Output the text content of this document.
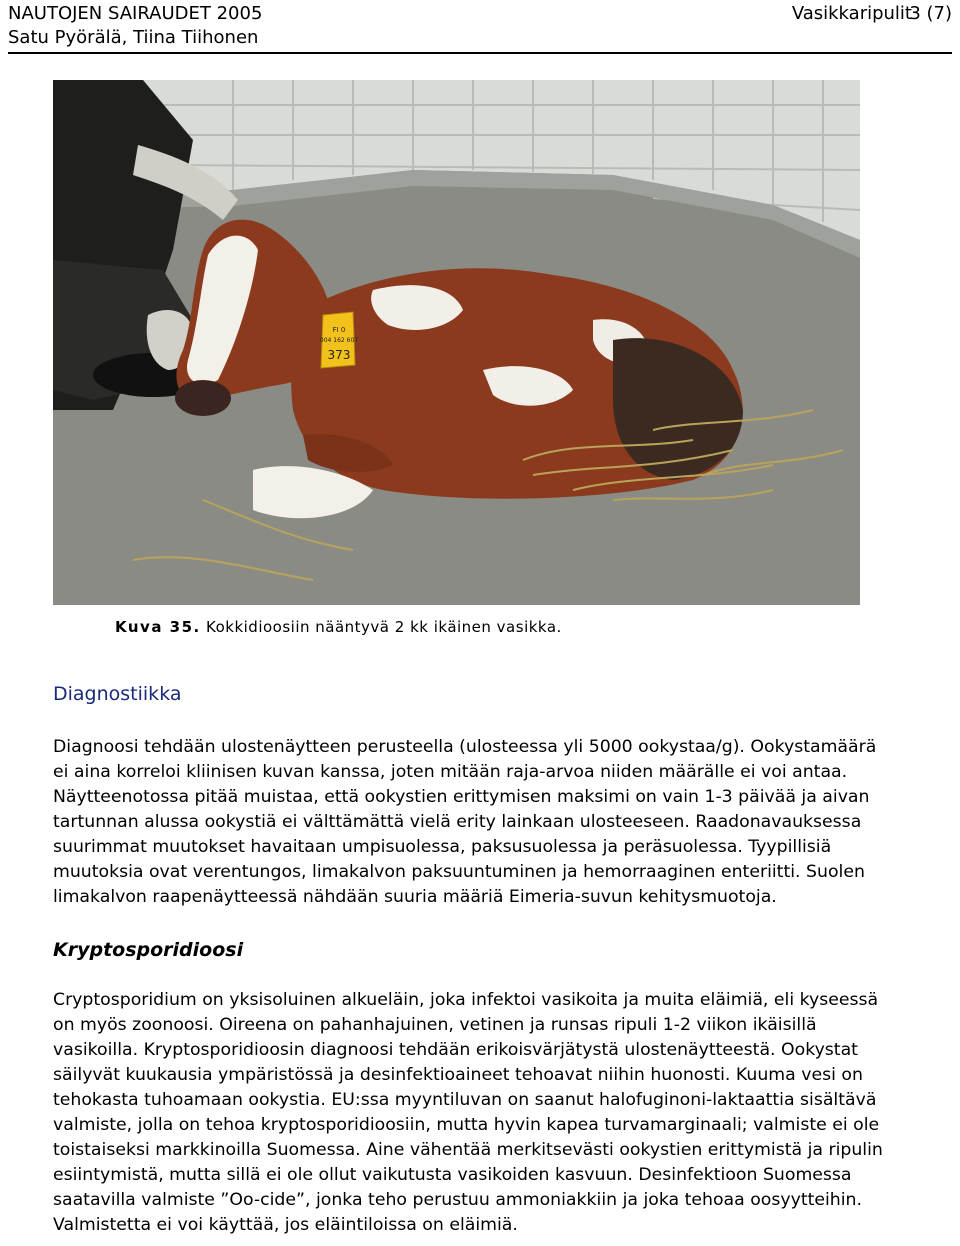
NAUTOJEN SAIRAUDET 2005
Satu Pyörälä, Tiina Tiihonen
Vasikkaripulit
3 (7)
FI 0
004 162 607
373
Kuva 35. Kokkidioosiin nääntyvä 2 kk ikäinen vasikka.
Diagnostiikka
Diagnoosi tehdään ulostenäytteen perusteella (ulosteessa yli 5000 ookystaa/g). Ookystamäärä
ei aina korreloi kliinisen kuvan kanssa, joten mitään raja-arvoa niiden määrälle ei voi antaa.
Näytteenotossa pitää muistaa, että ookystien erittymisen maksimi on vain 1-3 päivää ja aivan
tartunnan alussa ookystiä ei välttämättä vielä erity lainkaan ulosteeseen. Raadonavauksessa
suurimmat muutokset havaitaan umpisuolessa, paksusuolessa ja peräsuolessa. Tyypillisiä
muutoksia ovat verentungos, limakalvon paksuuntuminen ja hemorraaginen enteriitti. Suolen
limakalvon raapenäytteessä nähdään suuria määriä Eimeria-suvun kehitysmuotoja.
Kryptosporidioosi
Cryptosporidium on yksisoluinen alkueläin, joka infektoi vasikoita ja muita eläimiä, eli kyseessä
on myös zoonoosi. Oireena on pahanhajuinen, vetinen ja runsas ripuli 1-2 viikon ikäisillä
vasikoilla. Kryptosporidioosin diagnoosi tehdään erikoisvärjätystä ulostenäytteestä. Ookystat
säilyvät kuukausia ympäristössä ja desinfektioaineet tehoavat niihin huonosti. Kuuma vesi on
tehokasta tuhoamaan ookystia. EU:ssa myyntiluvan on saanut halofuginoni-laktaattia sisältävä
valmiste, jolla on tehoa kryptosporidioosiin, mutta hyvin kapea turvamarginaali; valmiste ei ole
toistaiseksi markkinoilla Suomessa. Aine vähentää merkitsevästi ookystien erittymistä ja ripulin
esiintymistä, mutta sillä ei ole ollut vaikutusta vasikoiden kasvuun. Desinfektioon Suomessa
saatavilla valmiste ”Oo-cide”, jonka teho perustuu ammoniakkiin ja joka tehoaa oosyytteihin.
Valmistetta ei voi käyttää, jos eläintiloissa on eläimiä.
